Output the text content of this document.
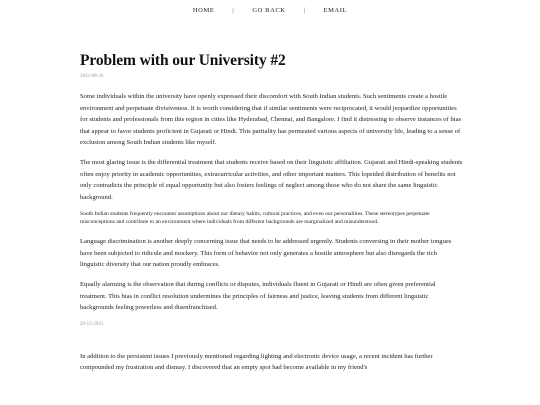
HOME	|	GO BACK	|	EMAIL
Problem with our University #2
2023-08-26

Some individuals within the university have openly expressed their discomfort with South Indian students. Such sentiments create a hostile environment and perpetuate divisiveness. It is worth considering that if similar sentiments were reciprocated, it would jeopardize opportunities for students and professionals from this region in cities like Hyderabad, Chennai, and Bangalore. I find it distressing to observe instances of bias that appear to favor students proficient in Gujarati or Hindi. This partiality has permeated various aspects of university life, leading to a sense of exclusion among South Indian students like myself.

The most glaring issue is the differential treatment that students receive based on their linguistic affiliation. Gujarati and Hindi-speaking students often enjoy priority in academic opportunities, extracurricular activities, and other important matters. This lopsided distribution of benefits not only contradicts the principle of equal opportunity but also fosters feelings of neglect among those who do not share the same linguistic background.

South Indian students frequently encounter assumptions about our dietary habits, cultural practices, and even our personalities. These stereotypes perpetuate misconceptions and contribute to an environment where individuals from different backgrounds are marginalized and misunderstood.

Language discrimination is another deeply concerning issue that needs to be addressed urgently. Students conversing in their mother tongues have been subjected to ridicule and mockery. This form of behavior not only generates a hostile atmosphere but also disregards the rich linguistic diversity that our nation proudly embraces.

Equally alarming is the observation that during conflicts or disputes, individuals fluent in Gujarati or Hindi are often given preferential treatment. This bias in conflict resolution undermines the principles of fairness and justice, leaving students from different linguistic backgrounds feeling powerless and disenfranchised.

20-12-2023

In addition to the persistent issues I previously mentioned regarding lighting and electronic device usage, a recent incident has further compounded my frustration and dismay. I discovered that an empty spot had become available in my friend's
